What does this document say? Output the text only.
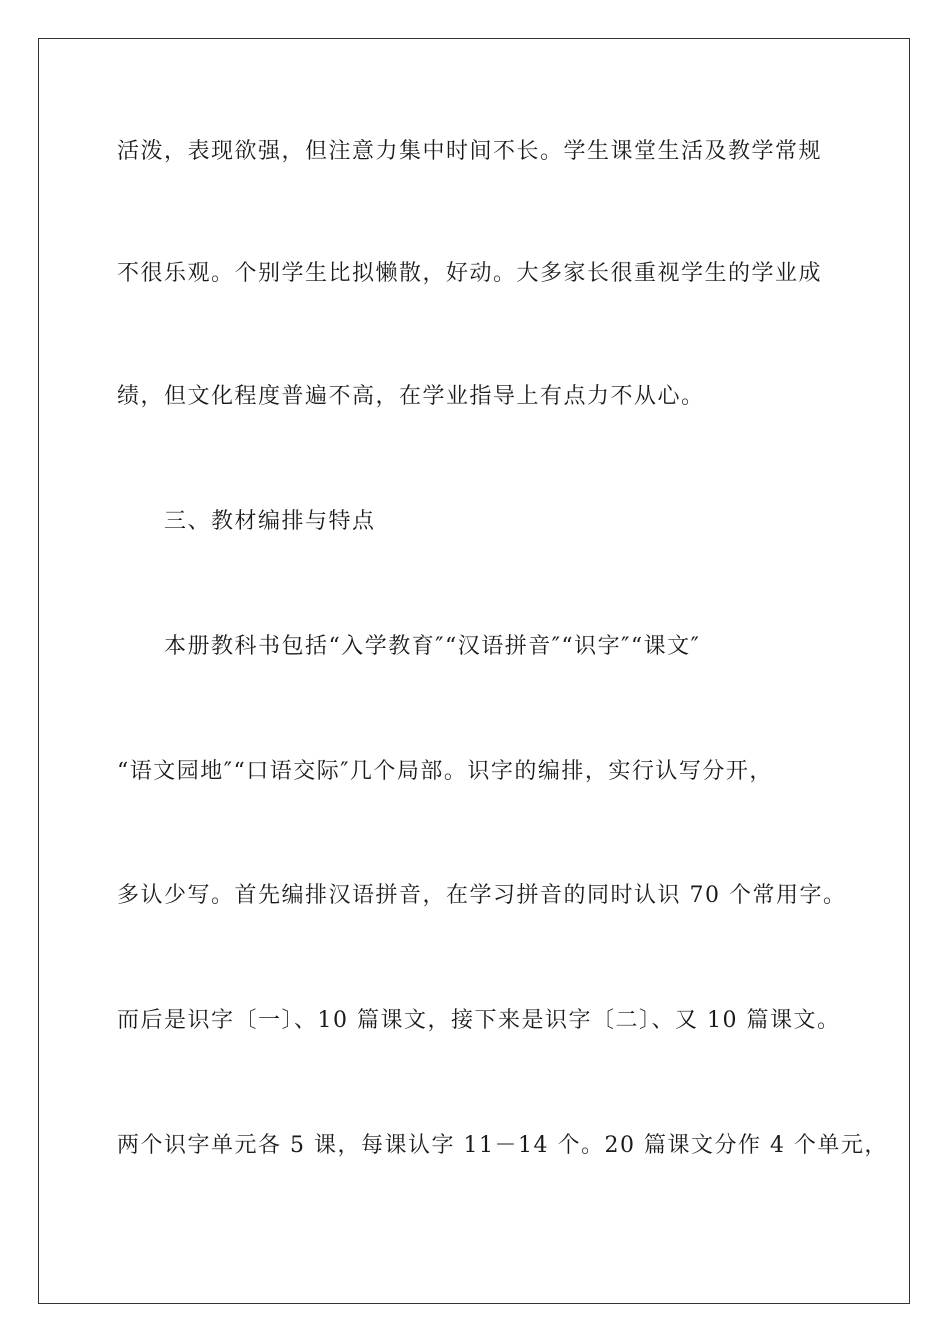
活泼，表现欲强，但注意力集中时间不长。学生课堂生活及教学常规
不很乐观。个别学生比拟懒散，好动。大多家长很重视学生的学业成
绩，但文化程度普遍不高，在学业指导上有点力不从心。
三、教材编排与特点
本册教科书包括“入学教育″“汉语拼音″“识字″“课文″
“语文园地″“口语交际″几个局部。识字的编排，实行认写分开，
多认少写。首先编排汉语拼音，在学习拼音的同时认识 70 个常用字。
而后是识字〔一〕、10 篇课文，接下来是识字〔二〕、又 10 篇课文。
两个识字单元各 5 课，每课认字 11－14 个。20 篇课文分作 4 个单元，
